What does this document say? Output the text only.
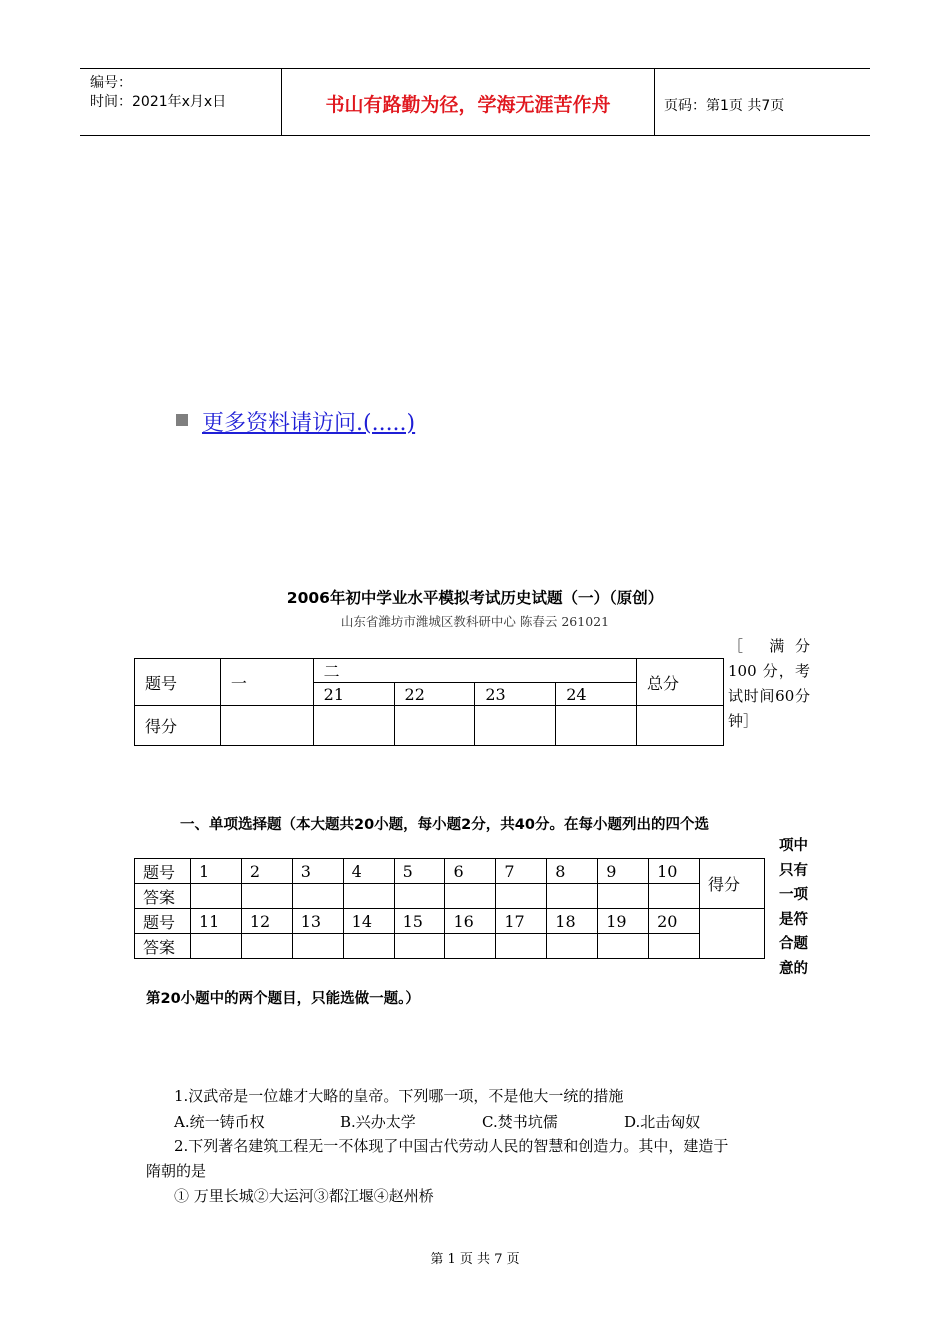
编号：
时间：2021年x月x日	书山有路勤为径，学海无涯苦作舟	页码：第1页 共7页
更多资料请访问.(.....)
2006年初中学业水平模拟考试历史试题（一）（原创）
山东省潍坊市潍城区教科研中心 陈春云 261021
题号	一	二				总分
		21	22	23	24	
得分						
［ 满分 100 分，考试时间60分钟］
一、单项选择题（本大题共20小题，每小题2分，共40分。在每小题列出的四个选
项中
只有
一项
是符
合题
意的
题号	1	2	3	4	5	6	7	8	9	10	得分
答案											
题号	11	12	13	14	15	16	17	18	19	20	
答案											
第20小题中的两个题目，只能选做一题。）
1.汉武帝是一位雄才大略的皇帝。下列哪一项，不是他大一统的措施
A.统一铸币权	B.兴办太学	C.焚书坑儒	D.北击匈奴
2.下列著名建筑工程无一不体现了中国古代劳动人民的智慧和创造力。其中，建造于
隋朝的是
① 万里长城②大运河③都江堰④赵州桥
第 1 页 共 7 页
